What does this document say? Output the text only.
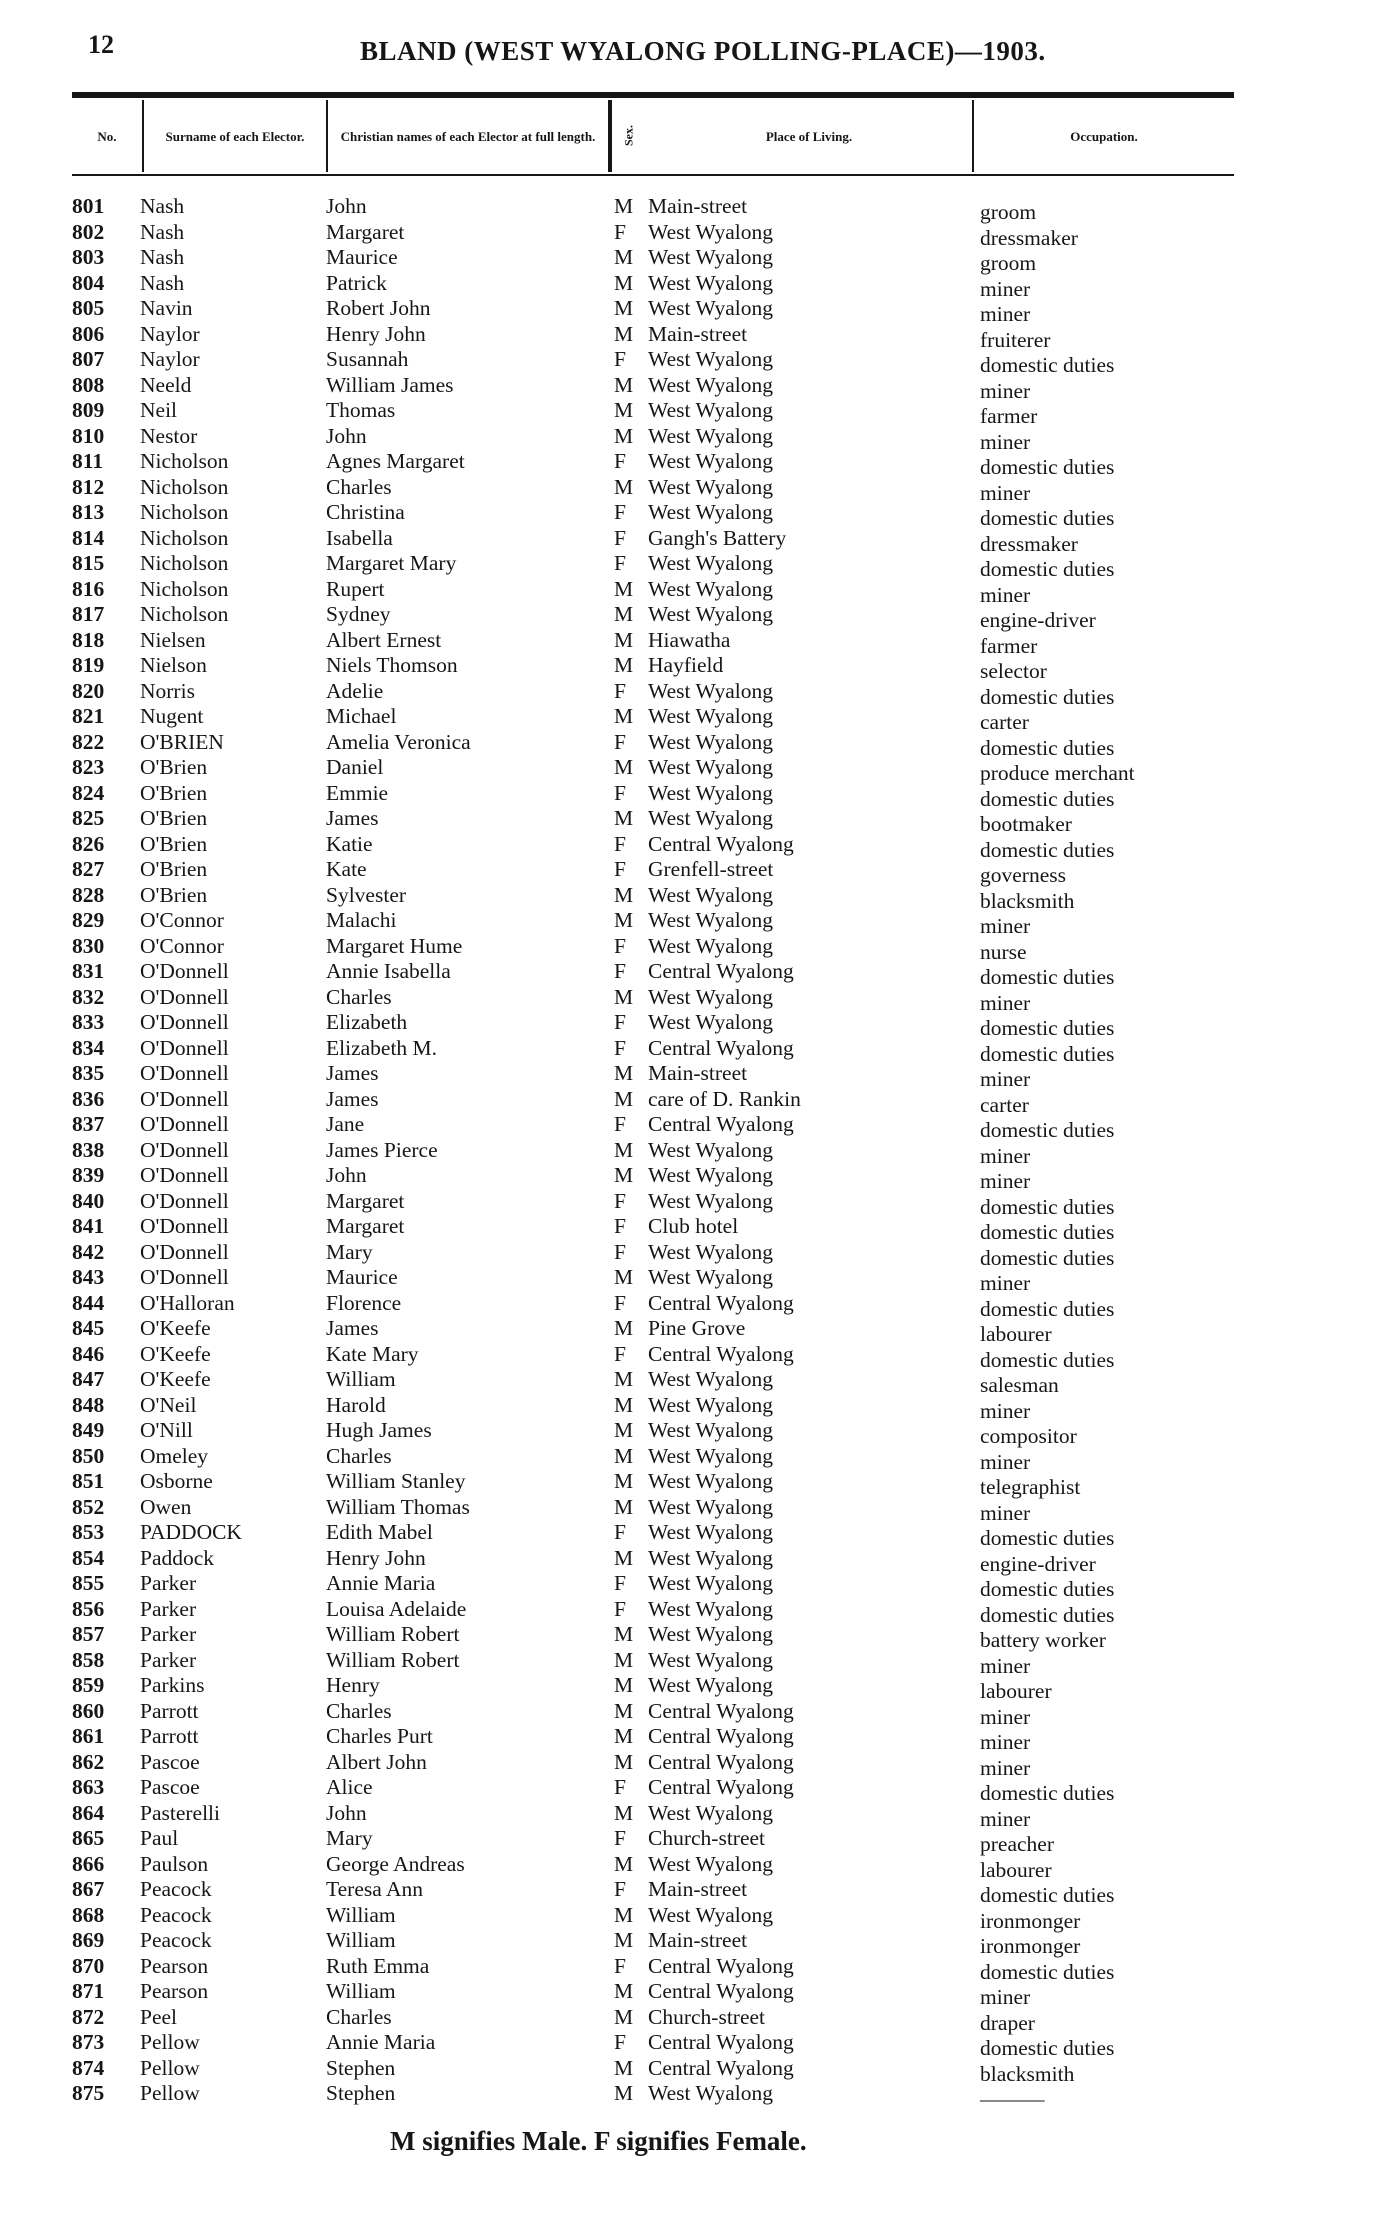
12	BLAND (WEST WYALONG POLLING-PLACE)—1903.
No.	Surname of each Elector.	Christian names of each Elector at full length.	Sex.	Place of Living.	Occupation.
801 Nash	John	M Main-street	groom
802 Nash	Margaret	F West Wyalong	dressmaker
803 Nash	Maurice	M West Wyalong	groom
804 Nash	Patrick	M West Wyalong	miner
805 Navin	Robert John	M West Wyalong	miner
806 Naylor	Henry John	M Main-street	fruiterer
807 Naylor	Susannah	F West Wyalong	domestic duties
808 Neeld	William James	M West Wyalong	miner
809 Neil	Thomas	M West Wyalong	farmer
810 Nestor	John	M West Wyalong	miner
811 Nicholson	Agnes Margaret	F West Wyalong	domestic duties
812 Nicholson	Charles	M West Wyalong	miner
813 Nicholson	Christina	F West Wyalong	domestic duties
814 Nicholson	Isabella	F Gangh's Battery	dressmaker
815 Nicholson	Margaret Mary	F West Wyalong	domestic duties
816 Nicholson	Rupert	M West Wyalong	miner
817 Nicholson	Sydney	M West Wyalong	engine-driver
818 Nielsen	Albert Ernest	M Hiawatha	farmer
819 Nielson	Niels Thomson	M Hayfield	selector
820 Norris	Adelie	F West Wyalong	domestic duties
821 Nugent	Michael	M West Wyalong	carter
822 O'BRIEN	Amelia Veronica	F West Wyalong	domestic duties
823 O'Brien	Daniel	M West Wyalong	produce merchant
824 O'Brien	Emmie	F West Wyalong	domestic duties
825 O'Brien	James	M West Wyalong	bootmaker
826 O'Brien	Katie	F Central Wyalong	domestic duties
827 O'Brien	Kate	F Grenfell-street	governess
828 O'Brien	Sylvester	M West Wyalong	blacksmith
829 O'Connor	Malachi	M West Wyalong	miner
830 O'Connor	Margaret Hume	F West Wyalong	nurse
831 O'Donnell	Annie Isabella	F Central Wyalong	domestic duties
832 O'Donnell	Charles	M West Wyalong	miner
833 O'Donnell	Elizabeth	F West Wyalong	domestic duties
834 O'Donnell	Elizabeth M.	F Central Wyalong	domestic duties
835 O'Donnell	James	M Main-street	miner
836 O'Donnell	James	M care of D. Rankin	carter
837 O'Donnell	Jane	F Central Wyalong	domestic duties
838 O'Donnell	James Pierce	M West Wyalong	miner
839 O'Donnell	John	M West Wyalong	miner
840 O'Donnell	Margaret	F West Wyalong	domestic duties
841 O'Donnell	Margaret	F Club hotel	domestic duties
842 O'Donnell	Mary	F West Wyalong	domestic duties
843 O'Donnell	Maurice	M West Wyalong	miner
844 O'Halloran	Florence	F Central Wyalong	domestic duties
845 O'Keefe	James	M Pine Grove	labourer
846 O'Keefe	Kate Mary	F Central Wyalong	domestic duties
847 O'Keefe	William	M West Wyalong	salesman
848 O'Neil	Harold	M West Wyalong	miner
849 O'Nill	Hugh James	M West Wyalong	compositor
850 Omeley	Charles	M West Wyalong	miner
851 Osborne	William Stanley	M West Wyalong	telegraphist
852 Owen	William Thomas	M West Wyalong	miner
853 PADDOCK	Edith Mabel	F West Wyalong	domestic duties
854 Paddock	Henry John	M West Wyalong	engine-driver
855 Parker	Annie Maria	F West Wyalong	domestic duties
856 Parker	Louisa Adelaide	F West Wyalong	domestic duties
857 Parker	William Robert	M West Wyalong	battery worker
858 Parker	William Robert	M West Wyalong	miner
859 Parkins	Henry	M West Wyalong	labourer
860 Parrott	Charles	M Central Wyalong	miner
861 Parrott	Charles Purt	M Central Wyalong	miner
862 Pascoe	Albert John	M Central Wyalong	miner
863 Pascoe	Alice	F Central Wyalong	domestic duties
864 Pasterelli	John	M West Wyalong	miner
865 Paul	Mary	F Church-street	preacher
866 Paulson	George Andreas	M West Wyalong	labourer
867 Peacock	Teresa Ann	F Main-street	domestic duties
868 Peacock	William	M West Wyalong	ironmonger
869 Peacock	William	M Main-street	ironmonger
870 Pearson	Ruth Emma	F Central Wyalong	domestic duties
871 Pearson	William	M Central Wyalong	miner
872 Peel	Charles	M Church-street	draper
873 Pellow	Annie Maria	F Central Wyalong	domestic duties
874 Pellow	Stephen	M Central Wyalong	blacksmith
875 Pellow	Stephen	M West Wyalong	———
M signifies Male. F signifies Female.
